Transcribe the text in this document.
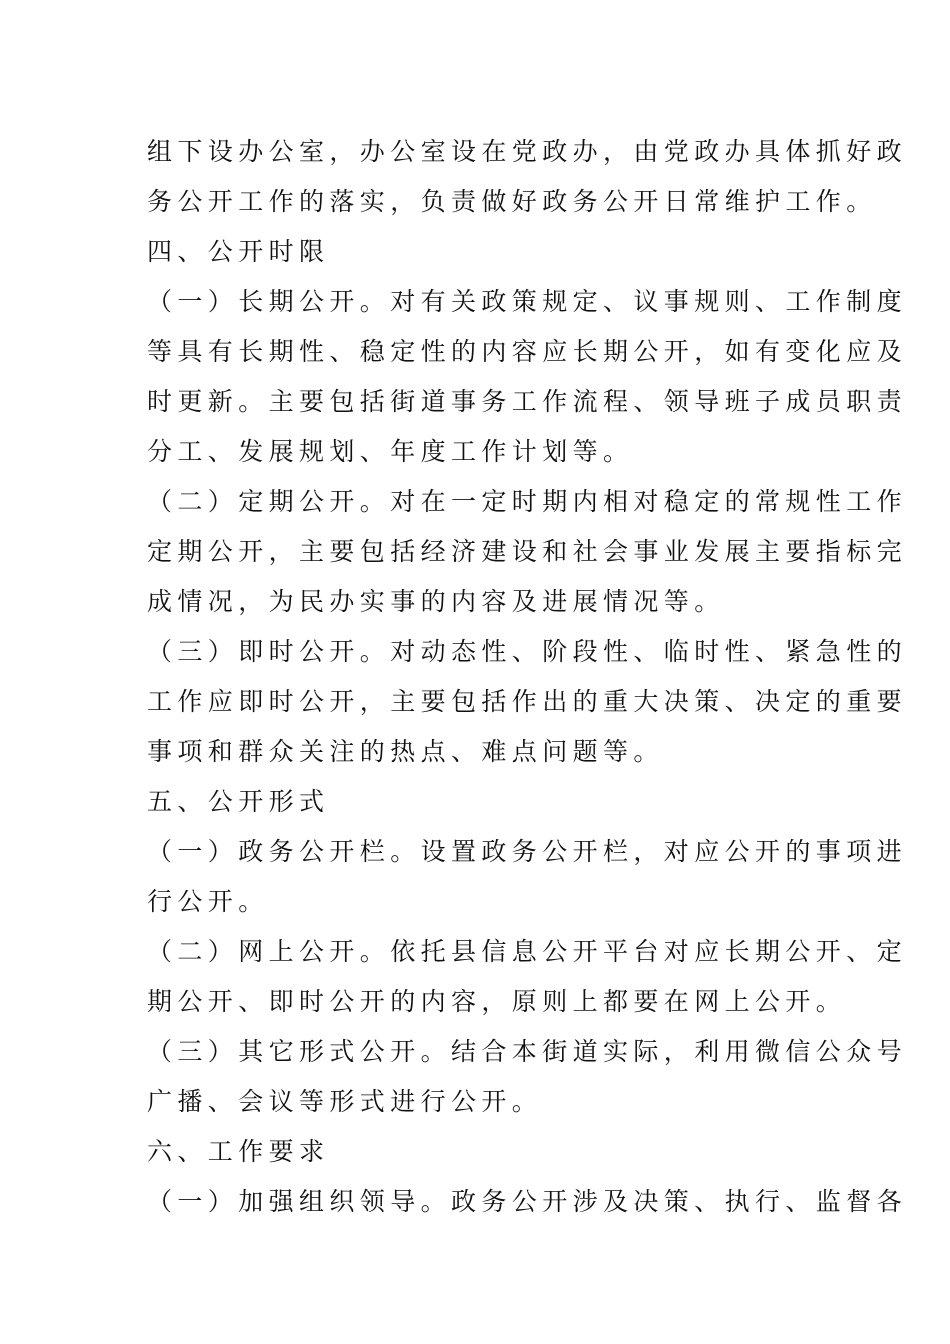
组下设办公室，办公室设在党政办，由党政办具体抓好政
务公开工作的落实，负责做好政务公开日常维护工作。
四、公开时限
（一）长期公开。对有关政策规定、议事规则、工作制度
等具有长期性、稳定性的内容应长期公开，如有变化应及
时更新。主要包括街道事务工作流程、领导班子成员职责
分工、发展规划、年度工作计划等。
（二）定期公开。对在一定时期内相对稳定的常规性工作
定期公开，主要包括经济建设和社会事业发展主要指标完
成情况，为民办实事的内容及进展情况等。
（三）即时公开。对动态性、阶段性、临时性、紧急性的
工作应即时公开，主要包括作出的重大决策、决定的重要
事项和群众关注的热点、难点问题等。
五、公开形式
（一）政务公开栏。设置政务公开栏，对应公开的事项进
行公开。
（二）网上公开。依托县信息公开平台对应长期公开、定
期公开、即时公开的内容，原则上都要在网上公开。
（三）其它形式公开。结合本街道实际，利用微信公众号
广播、会议等形式进行公开。
六、工作要求
（一）加强组织领导。政务公开涉及决策、执行、监督各
